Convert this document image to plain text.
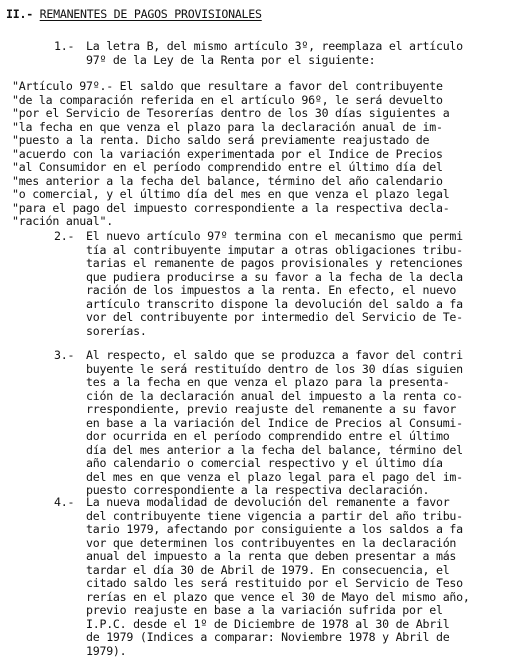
II.- REMANENTES DE PAGOS PROVISIONALES
1.- La letra B, del mismo artículo 3º, reemplaza el artículo
97º de la Ley de la Renta por el siguiente:
"Artículo 97º.- El saldo que resultare a favor del contribuyente
"de la comparación referida en el artículo 96º, le será devuelto
"por el Servicio de Tesorerías dentro de los 30 días siguientes a
"la fecha en que venza el plazo para la declaración anual de im-
"puesto a la renta. Dicho saldo será previamente reajustado de
"acuerdo con la variación experimentada por el Indice de Precios
"al Consumidor en el período comprendido entre el último día del
"mes anterior a la fecha del balance, término del año calendario
"o comercial, y el último día del mes en que venza el plazo legal
"para el pago del impuesto correspondiente a la respectiva decla-
"ración anual".
2.- El nuevo artículo 97º termina con el mecanismo que permi
tía al contribuyente imputar a otras obligaciones tribu-
tarias el remanente de pagos provisionales y retenciones
que pudiera producirse a su favor a la fecha de la decla
ración de los impuestos a la renta. En efecto, el nuevo
artículo transcrito dispone la devolución del saldo a fa
vor del contribuyente por intermedio del Servicio de Te-
sorerías.
3.- Al respecto, el saldo que se produzca a favor del contri
buyente le será restituído dentro de los 30 días siguien
tes a la fecha en que venza el plazo para la presenta-
ción de la declaración anual del impuesto a la renta co-
rrespondiente, previo reajuste del remanente a su favor
en base a la variación del Indice de Precios al Consumi-
dor ocurrida en el período comprendido entre el último
día del mes anterior a la fecha del balance, término del
año calendario o comercial respectivo y el último día
del mes en que venza el plazo legal para el pago del im-
puesto correspondiente a la respectiva declaración.
4.- La nueva modalidad de devolución del remanente a favor
del contribuyente tiene vigencia a partir del año tribu-
tario 1979, afectando por consiguiente a los saldos a fa
vor que determinen los contribuyentes en la declaración
anual del impuesto a la renta que deben presentar a más
tardar el día 30 de Abril de 1979. En consecuencia, el
citado saldo les será restituido por el Servicio de Teso
rerías en el plazo que vence el 30 de Mayo del mismo año,
previo reajuste en base a la variación sufrida por el
I.P.C. desde el 1º de Diciembre de 1978 al 30 de Abril
de 1979 (Indices a comparar: Noviembre 1978 y Abril de
1979).
